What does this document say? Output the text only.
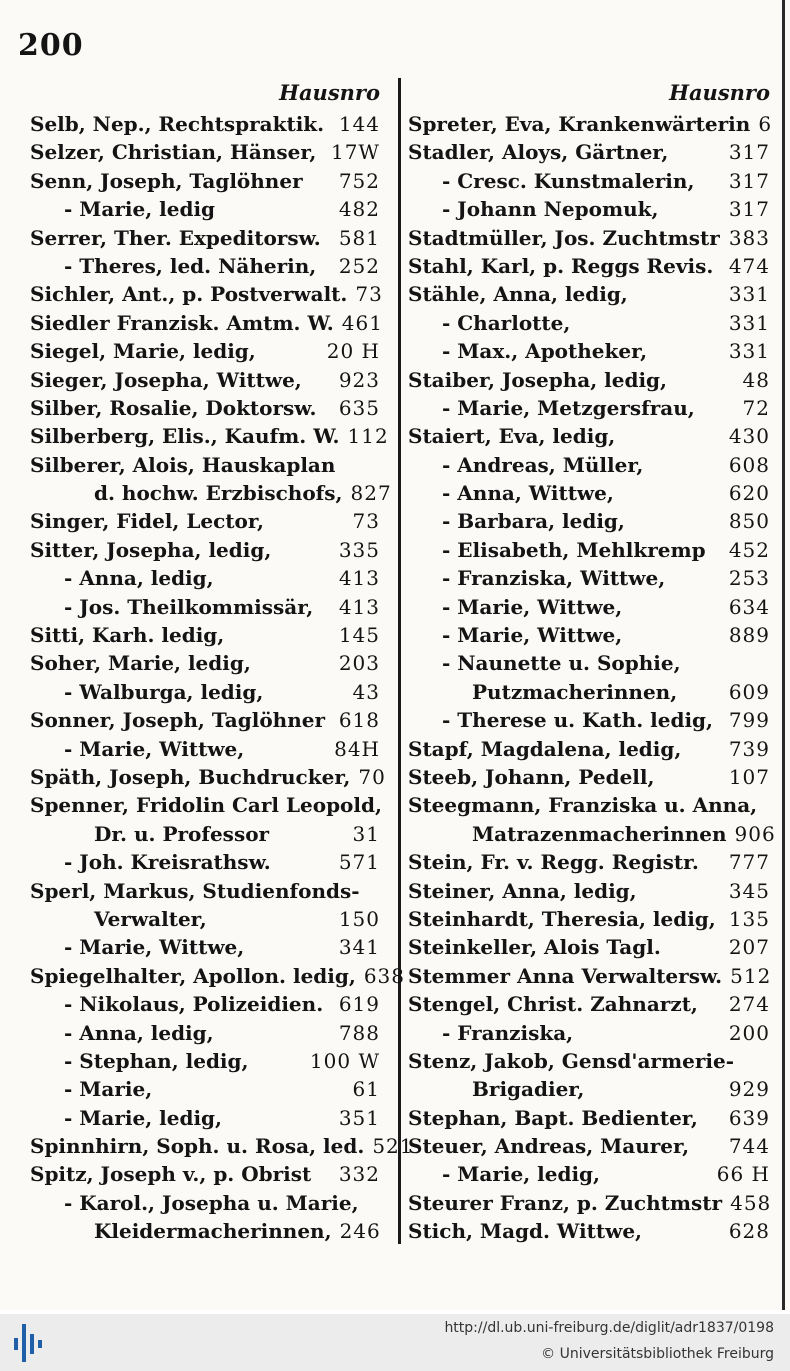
200
Hausnro
Selb, Nep., Rechtspraktik. 144
Selzer, Christian, Hänser, 17W
Senn, Joseph, Taglöhner	752
- Marie, ledig	482
Serrer, Ther. Expeditorsw. 581
- Theres, led. Näherin,	252
Sichler, Ant., p. Postverwalt. 73
Siedler Franzisk. Amtm. W. 461
Siegel, Marie, ledig,	20 H
Sieger, Josepha, Wittwe,	923
Silber, Rosalie, Doktorsw.	635
Silberberg, Elis., Kaufm. W. 112
Silberer, Alois, Hauskaplan
d. hochw. Erzbischofs, 827
Singer, Fidel, Lector,	73
Sitter, Josepha, ledig,	335
- Anna, ledig,	413
- Jos. Theilkommissär,	413
Sitti, Karh. ledig,	145
Soher, Marie, ledig,	203
- Walburga, ledig,	43
Sonner, Joseph, Taglöhner 618
- Marie, Wittwe,	84H
Späth, Joseph, Buchdrucker, 70
Spenner, Fridolin Carl Leopold,
Dr. u. Professor	31
- Joh. Kreisrathsw.	571
Sperl, Markus, Studienfonds-
Verwalter,	150
- Marie, Wittwe,	341
Spiegelhalter, Apollon. ledig, 638
- Nikolaus, Polizeidien. 619
- Anna, ledig,	788
- Stephan, ledig,	100 W
- Marie,	61
- Marie, ledig,	351
Spinnhirn, Soph. u. Rosa, led. 521
Spitz, Joseph v., p. Obrist	332
- Karol., Josepha u. Marie,
Kleidermacherinnen, 246
Hausnro
Spreter, Eva, Krankenwärterin 6
Stadler, Aloys, Gärtner,	317
- Cresc. Kunstmalerin,	317
- Johann Nepomuk,	317
Stadtmüller, Jos. Zuchtmstr 383
Stahl, Karl, p. Reggs Revis. 474
Stähle, Anna, ledig,	331
- Charlotte,	331
- Max., Apotheker,	331
Staiber, Josepha, ledig,	48
- Marie, Metzgersfrau,	72
Staiert, Eva, ledig,	430
- Andreas, Müller,	608
- Anna, Wittwe,	620
- Barbara, ledig,	850
- Elisabeth, Mehlkremp	452
- Franziska, Wittwe,	253
- Marie, Wittwe,	634
- Marie, Wittwe,	889
- Naunette u. Sophie,
Putzmacherinnen,	609
- Therese u. Kath. ledig, 799
Stapf, Magdalena, ledig,	739
Steeb, Johann, Pedell,	107
Steegmann, Franziska u. Anna,
Matrazenmacherinnen 906
Stein, Fr. v. Regg. Registr.	777
Steiner, Anna, ledig,	345
Steinhardt, Theresia, ledig, 135
Steinkeller, Alois Tagl.	207
Stemmer Anna Verwaltersw. 512
Stengel, Christ. Zahnarzt,	274
- Franziska,	200
Stenz, Jakob, Gensd'armerie-
Brigadier,	929
Stephan, Bapt. Bedienter,	639
Steuer, Andreas, Maurer,	744
- Marie, ledig,	66 H
Steurer Franz, p. Zuchtmstr 458
Stich, Magd. Wittwe,	628
http://dl.ub.uni-freiburg.de/diglit/adr1837/0198
© Universitätsbibliothek Freiburg
